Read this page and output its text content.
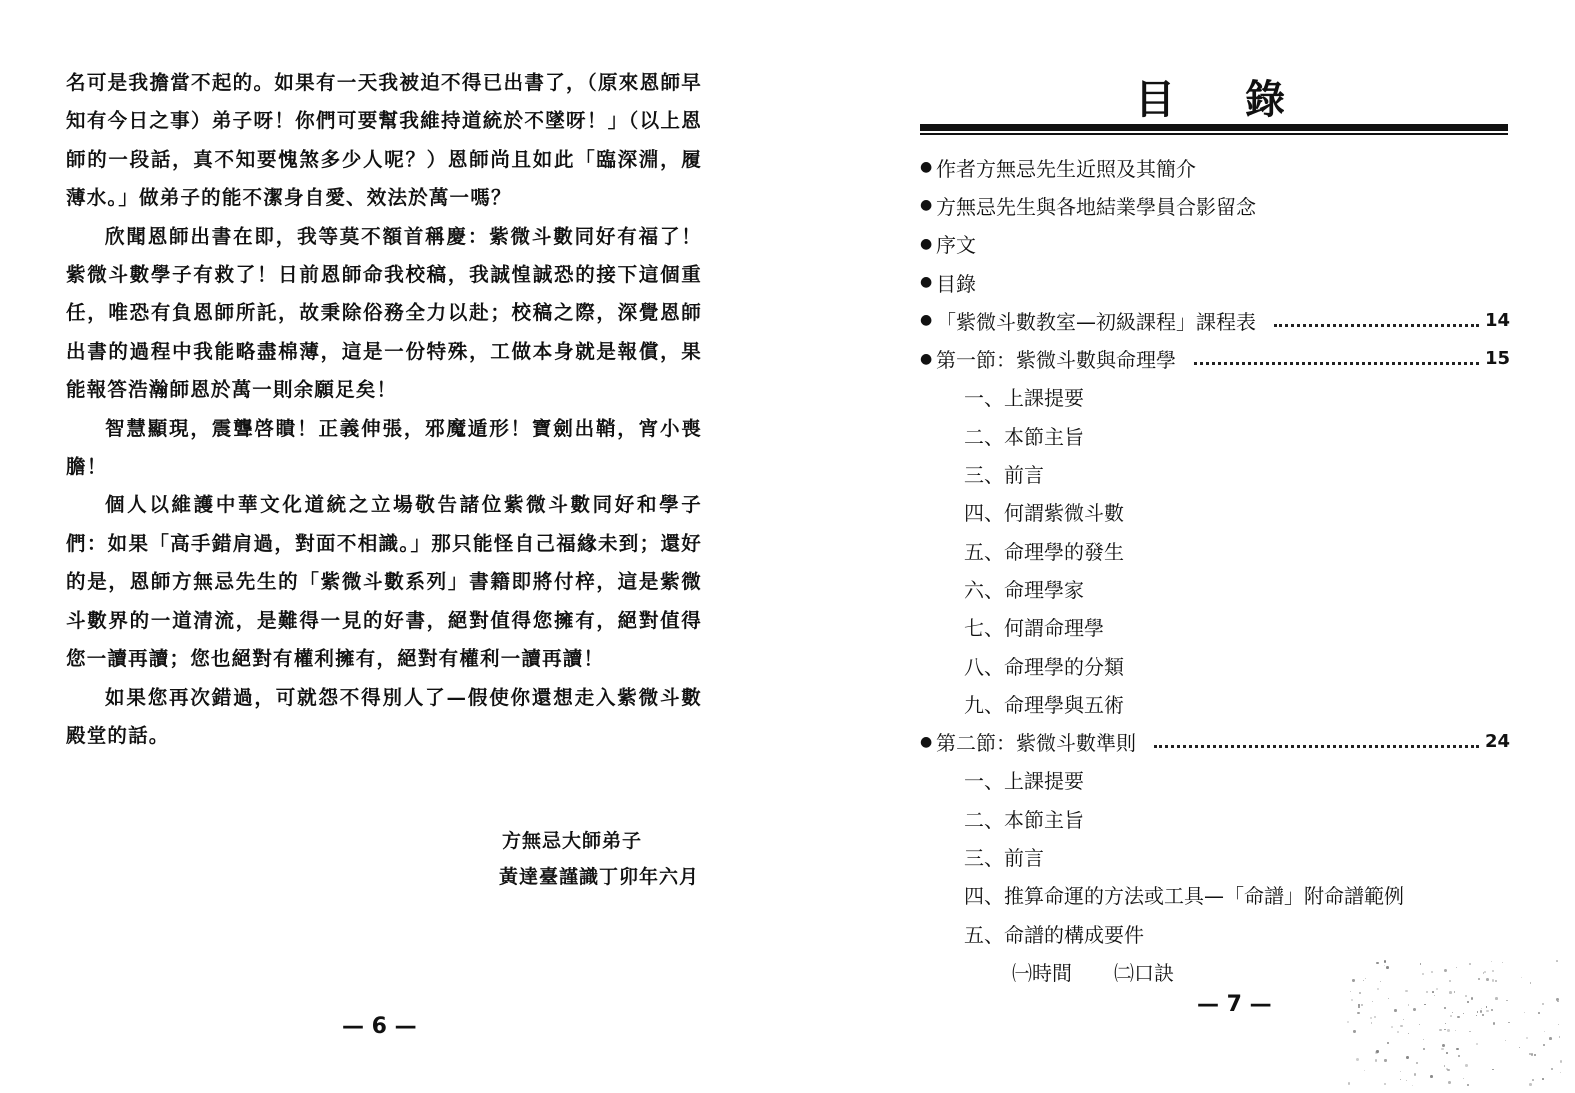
名可是我擔當不起的。如果有一天我被迫不得已出書了，（原來恩師早知有今日之事）弟子呀！你們可要幫我維持道統於不墜呀！」（以上恩師的一段話，真不知要愧煞多少人呢？）恩師尚且如此「臨深淵，履薄水。」做弟子的能不潔身自愛、效法於萬一嗎？

欣聞恩師出書在即，我等莫不額首稱慶：紫微斗數同好有福了！紫微斗數學子有救了！日前恩師命我校稿，我誠惶誠恐的接下這個重任，唯恐有負恩師所託，故秉除俗務全力以赴；校稿之際，深覺恩師出書的過程中我能略盡棉薄，這是一份特殊，工做本身就是報償，果能報答浩瀚師恩於萬一則余願足矣！

智慧顯現，震聾啓瞶！正義伸張，邪魔遁形！寶劍出鞘，宵小喪膽！

個人以維護中華文化道統之立場敬告諸位紫微斗數同好和學子們：如果「高手錯肩過，對面不相識。」那只能怪自己福緣未到；還好的是，恩師方無忌先生的「紫微斗數系列」書籍即將付梓，這是紫微斗數界的一道清流，是難得一見的好書，絕對值得您擁有，絕對值得您一讀再讀；您也絕對有權利擁有，絕對有權利一讀再讀！

如果您再次錯過，可就怨不得別人了—假使你還想走入紫微斗數殿堂的話。

方無忌大師弟子
黃達臺謹識丁卯年六月
— 6 —
目錄
● 作者方無忌先生近照及其簡介
● 方無忌先生與各地結業學員合影留念
● 序文
● 目錄
● 「紫微斗數教室—初級課程」課程表	14
● 第一節：紫微斗數與命理學	15
一、上課提要
二、本節主旨
三、前言
四、何謂紫微斗數
五、命理學的發生
六、命理學家
七、何謂命理學
八、命理學的分類
九、命理學與五術
● 第二節：紫微斗數準則	24
一、上課提要
二、本節主旨
三、前言
四、推算命運的方法或工具—「命譜」附命譜範例
五、命譜的構成要件
㈠時間 ㈡口訣
— 7 —
